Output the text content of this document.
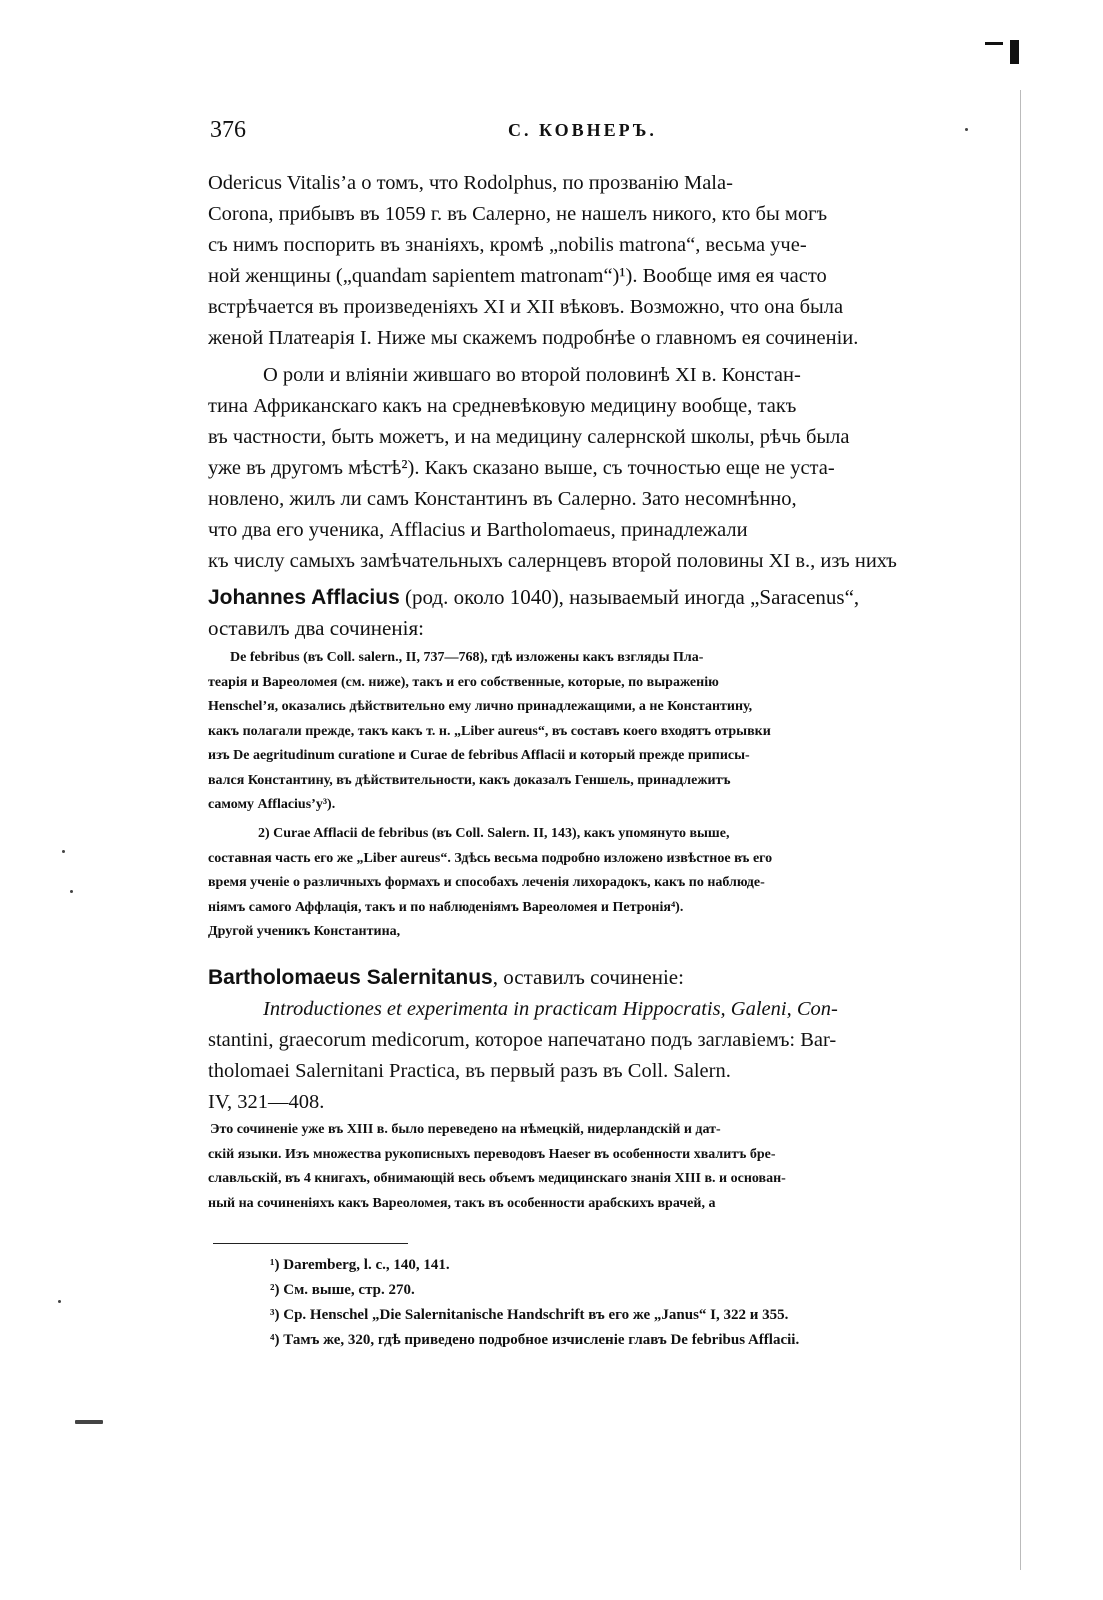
376	С. КОВНЕРЪ.
Odericus Vitalis’a о томъ, что Rodolphus, по прозванію Mala-
Corona, прибывъ въ 1059 г. въ Салерно, не нашелъ никого, кто бы могъ
съ нимъ поспорить въ знаніяхъ, кромѣ „nobilis matrona“, весьма уче-
ной женщины („quandam sapientem matronam“)¹). Вообще имя ея часто
встрѣчается въ произведеніяхъ XI и XII вѣковъ. Возможно, что она была
женой Платеарія I. Ниже мы скажемъ подробнѣе о главномъ ея сочиненіи.
О роли и вліяніи жившаго во второй половинѣ XI в. Констан-
тина Африканскаго какъ на средневѣковую медицину вообще, такъ
въ частности, быть можетъ, и на медицину салернской школы, рѣчь была
уже въ другомъ мѣстѣ²). Какъ сказано выше, съ точностью еще не уста-
новлено, жилъ ли самъ Константинъ въ Салерно. Зато несомнѣнно,
что два его ученика, Afflacius и Bartholomaeus, принадлежали
къ числу самыхъ замѣчательныхъ салернцевъ второй половины XI в., изъ нихъ
Johannes Afflacius (род. около 1040), называемый иногда „Saracenus“,
оставилъ два сочиненія:
De febribus (въ Coll. salern., II, 737—768), гдѣ изложены какъ взгляды Пла-
теарія и Вареоломея (см. ниже), такъ и его собственные, которые, по выраженію
Henschel’я, оказались дѣйствительно ему лично принадлежащими, а не Константину,
какъ полагали прежде, такъ какъ т. н. „Liber aureus“, въ составъ коего входятъ отрывки
изъ De aegritudinum curatione и Curae de febribus Afflacii и который прежде приписы-
вался Константину, въ дѣйствительности, какъ доказалъ Геншель, принадлежитъ
самому Afflacius’у³).
2) Curae Afflacii de febribus (въ Coll. Salern. II, 143), какъ упомянуто выше,
составная часть его же „Liber aureus“. Здѣсь весьма подробно изложено извѣстное въ его
время ученіе о различныхъ формахъ и способахъ леченія лихорадокъ, какъ по наблюде-
ніямъ самого Аффлація, такъ и по наблюденіямъ Вареоломея и Петронія⁴).
Другой ученикъ Константина,
Bartholomaeus Salernitanus, оставилъ сочиненіе:
Introductiones et experimenta in practicam Hippocratis, Galeni, Con-
stantini, graecorum medicorum, которое напечатано подъ заглавіемъ: Bar-
tholomaei Salernitani Practica, въ первый разъ въ Coll. Salern.
IV, 321—408.
Это сочиненіе уже въ XIII в. было переведено на нѣмецкій, нидерландскій и дат-
скій языки. Изъ множества рукописныхъ переводовъ Haeser въ особенности хвалитъ бре-
славльскій, въ 4 книгахъ, обнимающій весь объемъ медицинскаго знанія XIII в. и основан-
ный на сочиненіяхъ какъ Вареоломея, такъ въ особенности арабскихъ врачей, а
¹) Daremberg, l. c., 140, 141.
²) См. выше, стр. 270.
³) Ср. Henschel „Die Salernitanische Handschrift въ его же „Janus“ I, 322 и 355.
⁴) Тамъ же, 320, гдѣ приведено подробное изчисленіе главъ De febribus Afflacii.
